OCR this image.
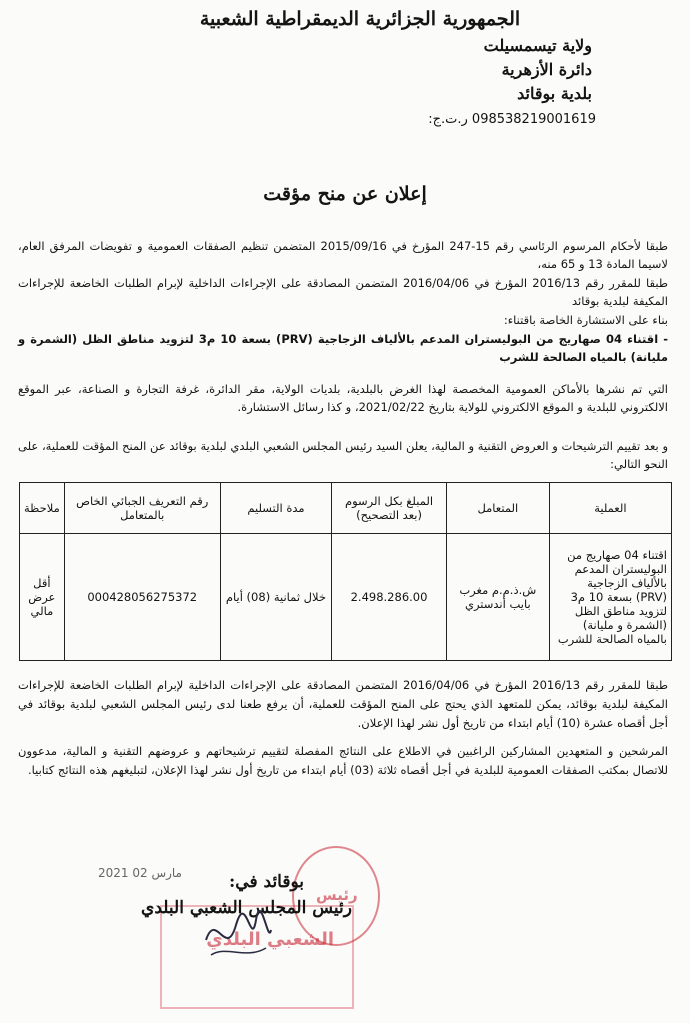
الجمهورية الجزائرية الديمقراطية الشعبية
ولاية تيسمسيلت
دائرة الأزهرية
بلدية بوقائد
098538219001619 ر.ت.ج:
إعلان عن منح مؤقت
طبقا لأحكام المرسوم الرئاسي رقم 15-247 المؤرخ في 2015/09/16 المتضمن تنظيم الصفقات العمومية و تفويضات المرفق العام، لاسيما المادة 13 و 65 منه،
طبقا للمقرر رقم 2016/13 المؤرخ في 2016/04/06 المتضمن المصادقة على الإجراءات الداخلية لإبرام الطلبات الخاضعة للإجراءات المكيفة لبلدية بوقائد
بناء على الاستشارة الخاصة باقتناء:
- اقتناء 04 صهاريج من البوليستران المدعم بالألياف الزجاجية (PRV) بسعة 10 م3 لتزويد مناطق الظل (الشمرة و مليانة) بالمياه الصالحة للشرب
التي تم نشرها بالأماكن العمومية المخصصة لهذا الغرض بالبلدية، بلديات الولاية، مقر الدائرة، غرفة التجارة و الصناعة، عبر الموقع الالكتروني للبلدية و الموقع الالكتروني للولاية بتاريخ 2021/02/22، و كذا رسائل الاستشارة.
و بعد تقييم الترشيحات و العروض التقنية و المالية، يعلن السيد رئيس المجلس الشعبي البلدي لبلدية بوقائد عن المنح المؤقت للعملية، على النحو التالي:
العملية	المتعامل	المبلغ بكل الرسوم (بعد التصحيح)	مدة التسليم	رقم التعريف الجبائي الخاص بالمتعامل	ملاحظة
اقتناء 04 صهاريج من البوليستران المدعم بالألياف الزجاجية (PRV) بسعة 10 م3 لتزويد مناطق الظل (الشمرة و مليانة) بالمياه الصالحة للشرب	ش.ذ.م.م مغرب بايب أندستري	2.498.286.00	خلال ثمانية (08) أيام	000428056275372	أقل عرض مالي
طبقا للمقرر رقم 2016/13 المؤرخ في 2016/04/06 المتضمن المصادقة على الإجراءات الداخلية لإبرام الطلبات الخاضعة للإجراءات المكيفة لبلدية بوقائد، يمكن للمتعهد الذي يحتج على المنح المؤقت للعملية، أن يرفع طعنا لدى رئيس المجلس الشعبي لبلدية بوقائد في أجل أقصاه عشرة (10) أيام ابتداء من تاريخ أول نشر لهذا الإعلان.
المرشحين و المتعهدين المشاركين الراغبين في الاطلاع على النتائج المفصلة لتقييم ترشيحاتهم و عروضهم التقنية و المالية، مدعوون للاتصال بمكتب الصفقات العمومية للبلدية في أجل أقصاه ثلاثة (03) أيام ابتداء من تاريخ أول نشر لهذا الإعلان، لتبليغهم هذه النتائج كتابيا.
الشعبي البلدي
رئيس
2021 مارس 02	بوقائد في:
رئيس المجلس الشعبي البلدي
